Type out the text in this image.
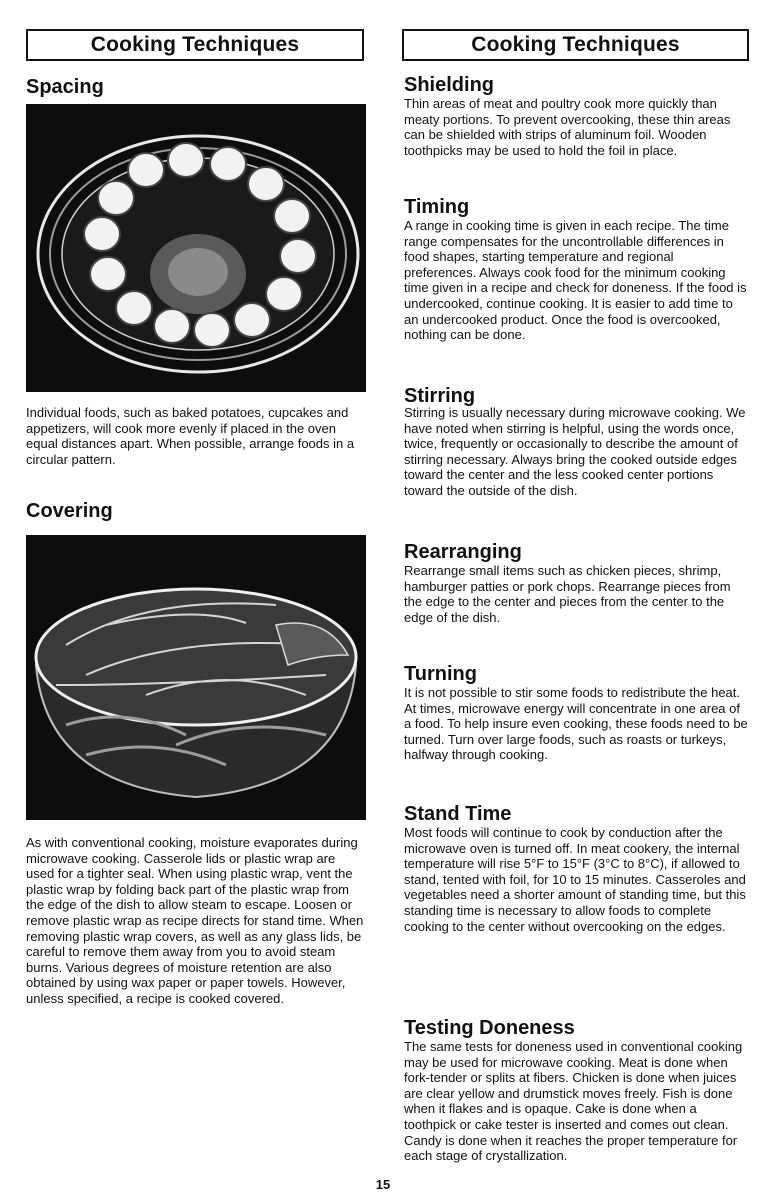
Cooking Techniques	Cooking Techniques
Spacing

Individual foods, such as baked potatoes, cupcakes and appetizers, will cook more evenly if placed in the oven equal distances apart. When possible, arrange foods in a circular pattern.

Covering

As with conventional cooking, moisture evaporates during microwave cooking. Casserole lids or plastic wrap are used for a tighter seal. When using plastic wrap, vent the plastic wrap by folding back part of the plastic wrap from the edge of the dish to allow steam to escape. Loosen or remove plastic wrap as recipe directs for stand time. When removing plastic wrap covers, as well as any glass lids, be careful to remove them away from you to avoid steam burns. Various degrees of moisture retention are also obtained by using wax paper or paper towels. However, unless specified, a recipe is cooked covered.

Shielding

Thin areas of meat and poultry cook more quickly than meaty portions. To prevent overcooking, these thin areas can be shielded with strips of aluminum foil. Wooden toothpicks may be used to hold the foil in place.

Timing

A range in cooking time is given in each recipe. The time range compensates for the uncontrollable differences in food shapes, starting temperature and regional preferences. Always cook food for the minimum cooking time given in a recipe and check for doneness. If the food is undercooked, continue cooking. It is easier to add time to an undercooked product. Once the food is overcooked, nothing can be done.

Stirring

Stirring is usually necessary during microwave cooking. We have noted when stirring is helpful, using the words once, twice, frequently or occasionally to describe the amount of stirring necessary. Always bring the cooked outside edges toward the center and the less cooked center portions toward the outside of the dish.

Rearranging

Rearrange small items such as chicken pieces, shrimp, hamburger patties or pork chops. Rearrange pieces from the edge to the center and pieces from the center to the edge of the dish.

Turning

It is not possible to stir some foods to redistribute the heat. At times, microwave energy will concentrate in one area of a food. To help insure even cooking, these foods need to be turned. Turn over large foods, such as roasts or turkeys, halfway through cooking.

Stand Time

Most foods will continue to cook by conduction after the microwave oven is turned off. In meat cookery, the internal temperature will rise 5°F to 15°F (3°C to 8°C), if allowed to stand, tented with foil, for 10 to 15 minutes. Casseroles and vegetables need a shorter amount of standing time, but this standing time is necessary to allow foods to complete cooking to the center without overcooking on the edges.

Testing Doneness

The same tests for doneness used in conventional cooking may be used for microwave cooking. Meat is done when fork-tender or splits at fibers. Chicken is done when juices are clear yellow and drumstick moves freely. Fish is done when it flakes and is opaque. Cake is done when a toothpick or cake tester is inserted and comes out clean. Candy is done when it reaches the proper temperature for each stage of crystallization.

15
